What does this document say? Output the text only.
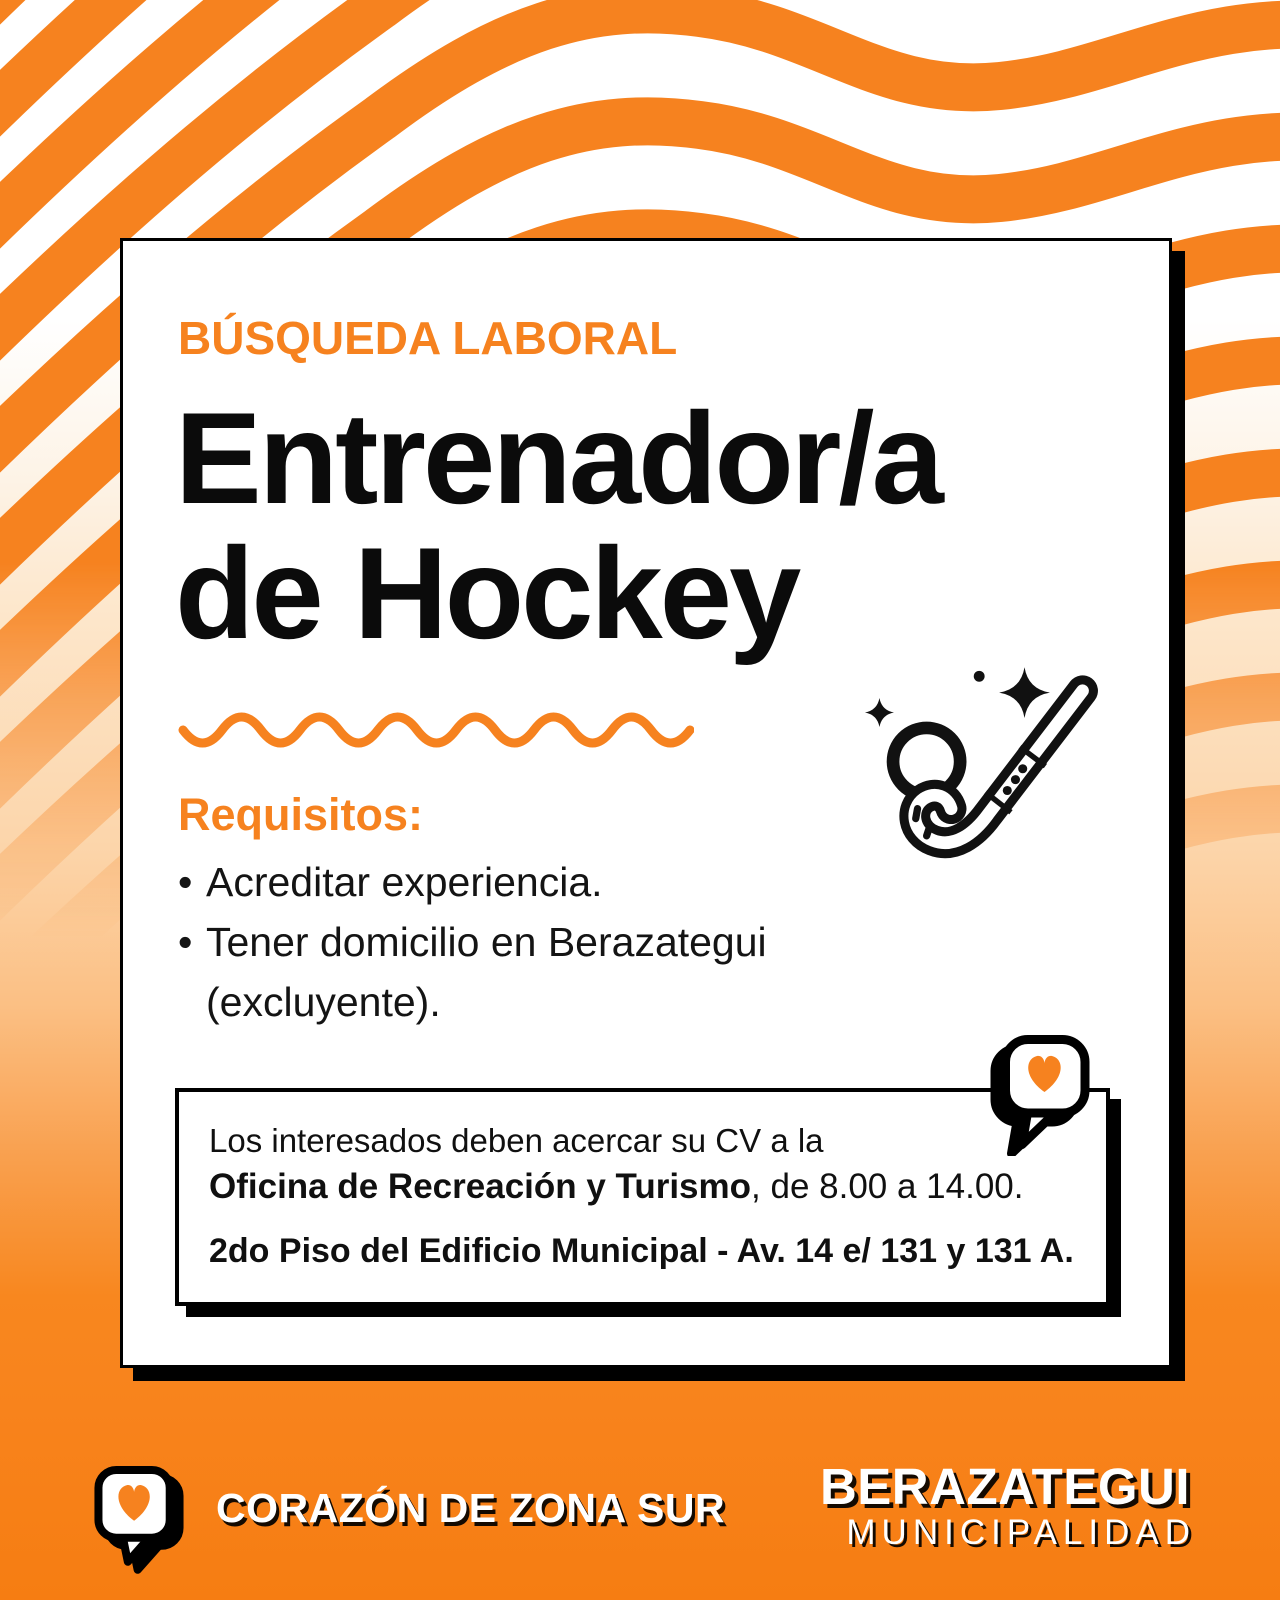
BÚSQUEDA LABORAL
Entrenador/a
de Hockey
Requisitos:
• Acreditar experiencia.
• Tener domicilio en Berazategui (excluyente).
Los interesados deben acercar su CV a la
Oficina de Recreación y Turismo, de 8.00 a 14.00.
2do Piso del Edificio Municipal - Av. 14 e/ 131 y 131 A.
CORAZÓN DE ZONA SUR BERAZATEGUI
MUNICIPALIDAD
